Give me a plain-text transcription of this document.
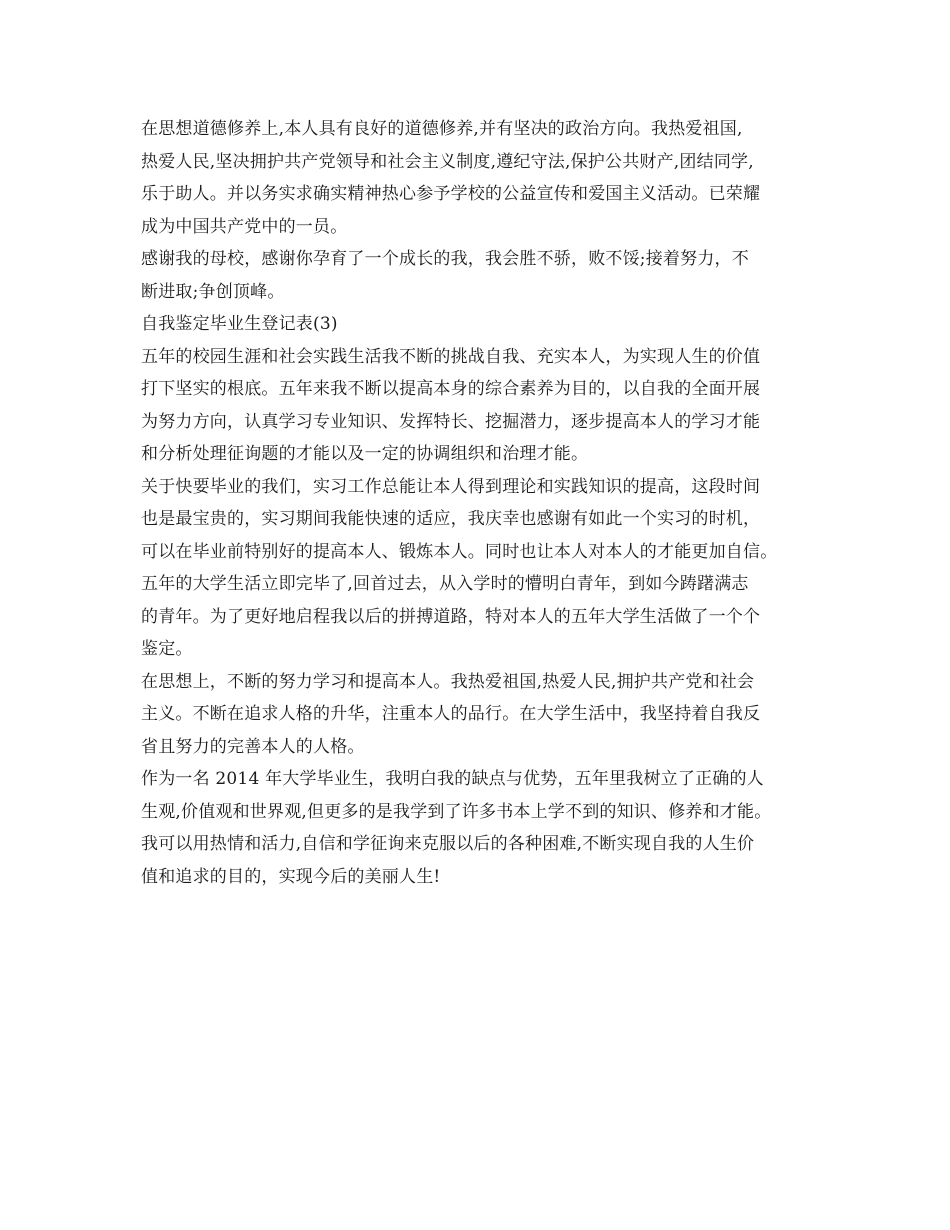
在思想道德修养上,本人具有良好的道德修养,并有坚决的政治方向。我热爱祖国,
热爱人民,坚决拥护共产党领导和社会主义制度,遵纪守法,保护公共财产,团结同学,
乐于助人。并以务实求确实精神热心参予学校的公益宣传和爱国主义活动。已荣耀
成为中国共产党中的一员。
感谢我的母校，感谢你孕育了一个成长的我，我会胜不骄，败不馁;接着努力，不
断进取;争创顶峰。
自我鉴定毕业生登记表(3)
五年的校园生涯和社会实践生活我不断的挑战自我、充实本人，为实现人生的价值
打下坚实的根底。五年来我不断以提高本身的综合素养为目的，以自我的全面开展
为努力方向，认真学习专业知识、发挥特长、挖掘潜力，逐步提高本人的学习才能
和分析处理征询题的才能以及一定的协调组织和治理才能。
关于快要毕业的我们，实习工作总能让本人得到理论和实践知识的提高，这段时间
也是最宝贵的，实习期间我能快速的适应，我庆幸也感谢有如此一个实习的时机，
可以在毕业前特别好的提高本人、锻炼本人。同时也让本人对本人的才能更加自信。
五年的大学生活立即完毕了,回首过去，从入学时的懵明白青年，到如今踌躇满志
的青年。为了更好地启程我以后的拼搏道路，特对本人的五年大学生活做了一个个
鉴定。
在思想上，不断的努力学习和提高本人。我热爱祖国,热爱人民,拥护共产党和社会
主义。不断在追求人格的升华，注重本人的品行。在大学生活中，我坚持着自我反
省且努力的完善本人的人格。
作为一名 2014 年大学毕业生，我明白我的缺点与优势，五年里我树立了正确的人
生观,价值观和世界观,但更多的是我学到了许多书本上学不到的知识、修养和才能。
我可以用热情和活力,自信和学征询来克服以后的各种困难,不断实现自我的人生价
值和追求的目的，实现今后的美丽人生!
